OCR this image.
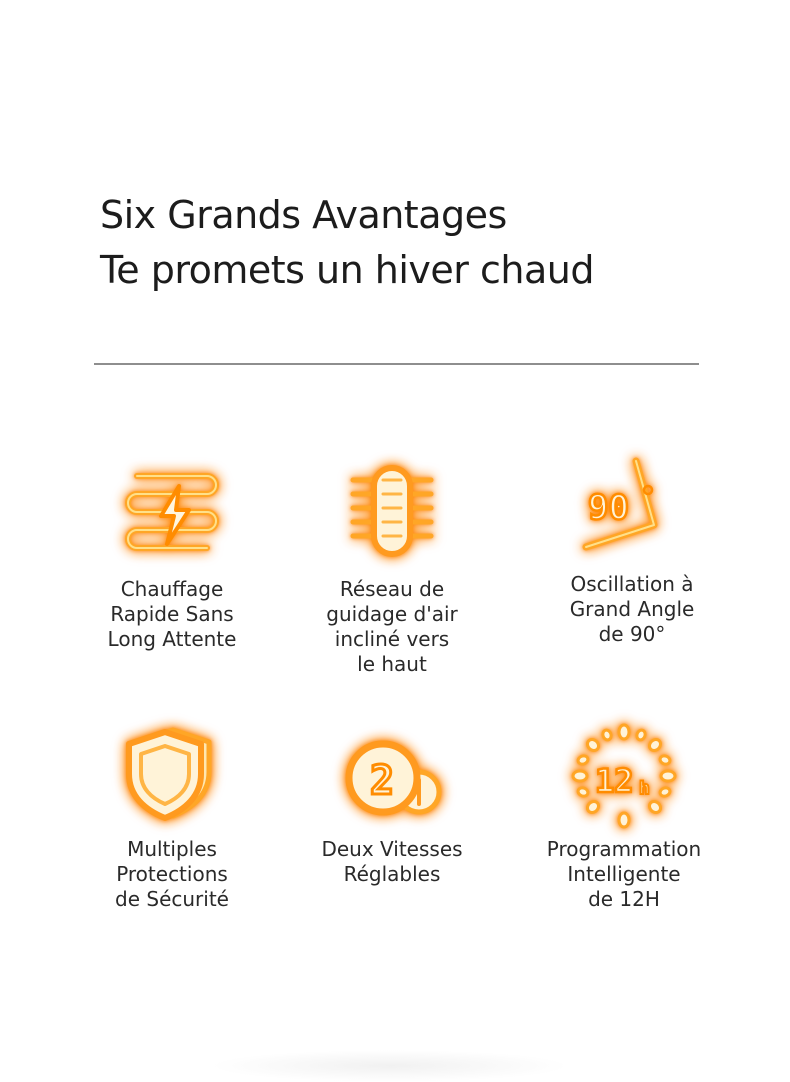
Six Grands Avantages
Te promets un hiver chaud
Chauffage
Rapide Sans
Long Attente
Réseau de
guidage d'air
incliné vers
le haut
90
Oscillation à
Grand Angle
de 90°
Multiples
Protections
de Sécurité
2
Deux Vitesses
Réglables
12 h
Programmation
Intelligente
de 12H
